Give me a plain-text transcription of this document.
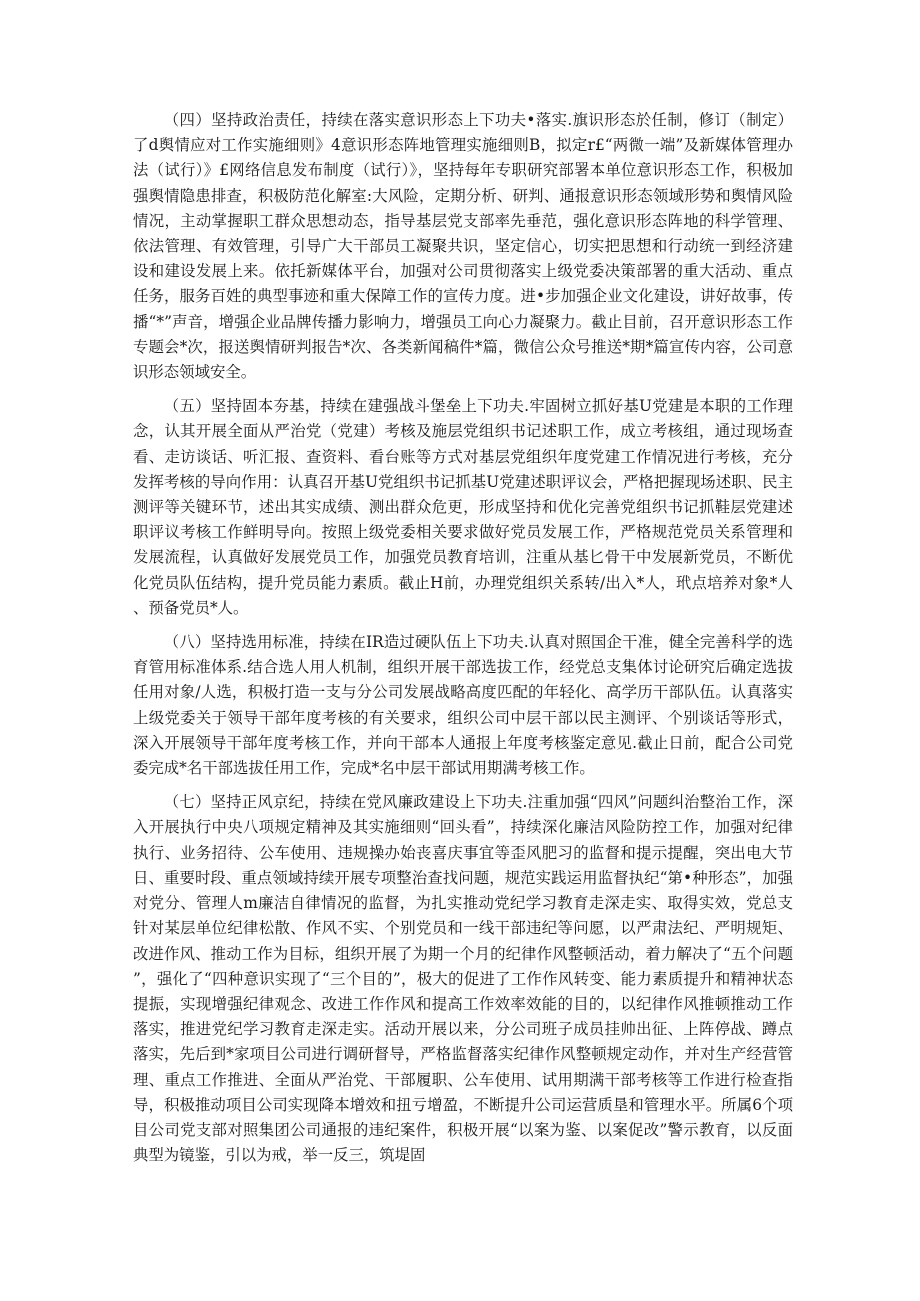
（四）坚持政治责任，持续在落实意识形态上下功夫•落实.旗识形态於任制，修订（制定）了d舆情应对工作实施细则》4意识形态阵地管理实施细则B，拟定r£“两微一端”及新媒体管理办法（试行）》£网络信息发布制度（试行）》，坚持每年专职研究部署本单位意识形态工作，积极加强舆情隐患排查，积极防范化解室:大风险，定期分析、研判、通报意识形态领域形势和舆情风险情况，主动掌握职工群众思想动态，指导基层党支部率先垂范，强化意识形态阵地的科学管理、依法管理、有效管理，引导广大干部员工凝聚共识，坚定信心，切实把思想和行动统一到经济建设和建设发展上来。依托新媒体平台，加强对公司贯彻落实上级党委决策部署的重大活动、重点任务，服务百姓的典型事迹和重大保障工作的宣传力度。进•步加强企业文化建设，讲好故事，传播“*”声音，增强企业品牌传播力影响力，增强员工向心力凝聚力。截止目前，召开意识形态工作专题会*次，报送舆情研判报告*次、各类新闻稿件*篇，微信公众号推送*期*篇宣传内容，公司意识形态领域安全。

（五）坚持固本夯基，持续在建强战斗堡垒上下功夫.牢固树立抓好基U党建是本职的工作理念，认其开展全面从严治党（党建）考核及施层党组织书记述职工作，成立考核组，通过现场查看、走访谈话、听汇报、查资料、看台账等方式对基层党组织年度党建工作情况进行考核，充分发挥考核的导向作用：认真召开基U党组织书记抓基U党建述职评议会，严格把握现场述职、民主测评等关键环节，述出其实成绩、测出群众危更，形成坚持和优化完善党组织书记抓鞋层党建述职评议考核工作鲜明导向。按照上级党委相关要求做好党员发展工作，严格规范党员关系管理和发展流程，认真做好发展党员工作，加强党员教育培训，注重从基匕骨干中发展新党员，不断优化党员队伍结构，提升党员能力素质。截止H前，办理党组织关系转/出入*人，玳点培养对象*人、预备党员*人。

（八）坚持选用标准，持续在IR造过硬队伍上下功夫.认真对照国企干准，健全完善科学的选育管用标准体系.结合选人用人机制，组织开展干部选拔工作，经党总支集体讨论研究后确定选拔任用对象/人选，积极打造一支与分公司发展战略高度匹配的年轻化、高学历干部队伍。认真落实上级党委关于领导干部年度考核的有关要求，组织公司中层干部以民主测评、个别谈话等形式，深入开展领导干部年度考核工作，并向干部本人通报上年度考核鉴定意见.截止日前，配合公司党委完成*名干部选拔任用工作，完成*名中层干部试用期满考核工作。

（七）坚持正风京纪，持续在党风廉政建设上下功夫.注重加强“四风”问题纠治整治工作，深入开展执行中央八项规定精神及其实施细则“回头看”，持续深化廉洁风险防控工作，加强对纪律执行、业务招待、公车使用、违规操办始丧喜庆事宜等歪风肥习的监督和提示提醒，突出电大节日、重要时段、重点领域持续开展专项整治查找问题，规范实践运用监督执纪“第•种形态”，加强对党分、管理人m廉洁自律情况的监督，为扎实推动党纪学习教育走深走实、取得实效，党总支针对某层单位纪律松散、作风不实、个别党员和一线干部违纪等问愿，以严肃法纪、严明规矩、改进作风、推动工作为目标，组织开展了为期一个月的纪律作风整顿活动，着力解决了“五个问题”，强化了“四种意识实现了“三个目的”，极大的促进了工作作风转变、能力素质提升和精神状态提振，实现增强纪律观念、改进工作作风和提高工作效率效能的目的，以纪律作风推顿推动工作落实，推进党纪学习教育走深走实。活动开展以来，分公司班子成员挂帅出征、上阵停战、蹲点落实，先后到*家项目公司进行调研督导，严格监督落实纪律作风整顿规定动作，并对生产经营管理、重点工作推进、全面从严治党、干部履职、公车使用、试用期满干部考核等工作进行检查指导，积极推动项目公司实现降本增效和扭亏增盈，不断提升公司运营质垦和管理水平。所属6个项目公司党支部对照集团公司通报的违纪案件，积极开展“以案为鉴、以案促改”警示教育，以反面典型为镜鉴，引以为戒，举一反三，筑堤固
